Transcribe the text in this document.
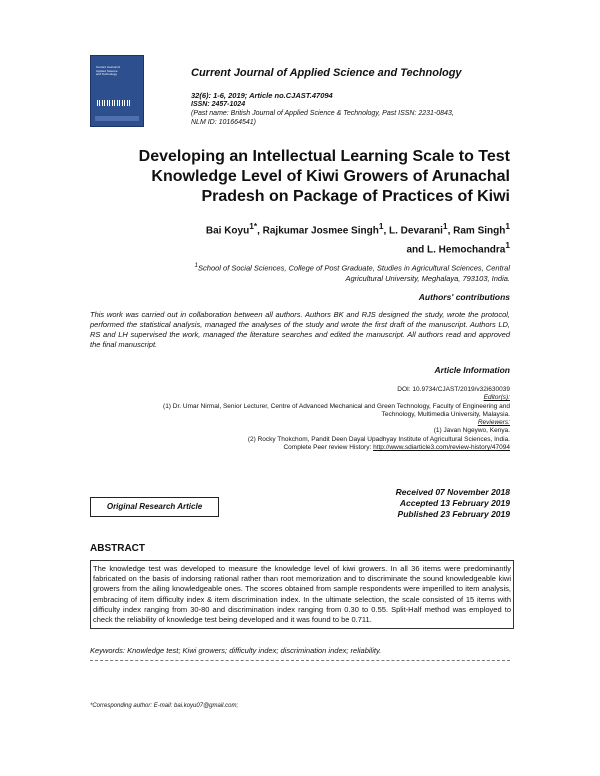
Current Journal of
Applied Science
and Technology	Current Journal of Applied Science and Technology
32(6): 1-6, 2019; Article no.CJAST.47094
ISSN: 2457-1024
(Past name: British Journal of Applied Science & Technology, Past ISSN: 2231-0843,
NLM ID: 101664541)
Developing an Intellectual Learning Scale to Test
Knowledge Level of Kiwi Growers of Arunachal
Pradesh on Package of Practices of Kiwi
Bai Koyu$^{1*}$, Rajkumar Josmee Singh$^1$, L. Devarani$^1$, Ram Singh$^1$
and L. Hemochandra$^1$
$^1$School of Social Sciences, College of Post Graduate, Studies in Agricultural Sciences, Central
Agricultural University, Meghalaya, 793103, India.
Authors' contributions
This work was carried out in collaboration between all authors. Authors BK and RJS designed the study, wrote the protocol, performed the statistical analysis, managed the analyses of the study and wrote the first draft of the manuscript. Authors LD, RS and LH supervised the work, managed the literature searches and edited the manuscript. All authors read and approved the final manuscript.
Article Information
DOI: 10.9734/CJAST/2019/v32i630039
Editor(s):
(1) Dr. Umar Nirmal, Senior Lecturer, Centre of Advanced Mechanical and Green Technology, Faculty of Engineering and
Technology, Multimedia University, Malaysia.
Reviewers:
(1) Javan Ngeywo, Kenya.
(2) Rocky Thokchom, Pandit Deen Dayal Upadhyay Institute of Agricultural Sciences, India.
Complete Peer review History: http://www.sdiarticle3.com/review-history/47094
Original Research Article
Received 07 November 2018
Accepted 13 February 2019
Published 23 February 2019
ABSTRACT
The knowledge test was developed to measure the knowledge level of kiwi growers. In all 36 items were predominantly fabricated on the basis of indorsing rational rather than root memorization and to discriminate the sound knowledgeable kiwi growers from the ailing knowledgeable ones. The scores obtained from sample respondents were imperilled to item analysis, embracing of item difficulty index & item discrimination index. In the ultimate selection, the scale consisted of 15 items with difficulty index ranging from 30-80 and discrimination index ranging from 0.30 to 0.55. Split-Half method was employed to check the reliability of knowledge test being developed and it was found to be 0.711.
Keywords: Knowledge test; Kiwi growers; difficulty index; discrimination index; reliability.
*Corresponding author: E-mail: bai.koyu07@gmail.com;
